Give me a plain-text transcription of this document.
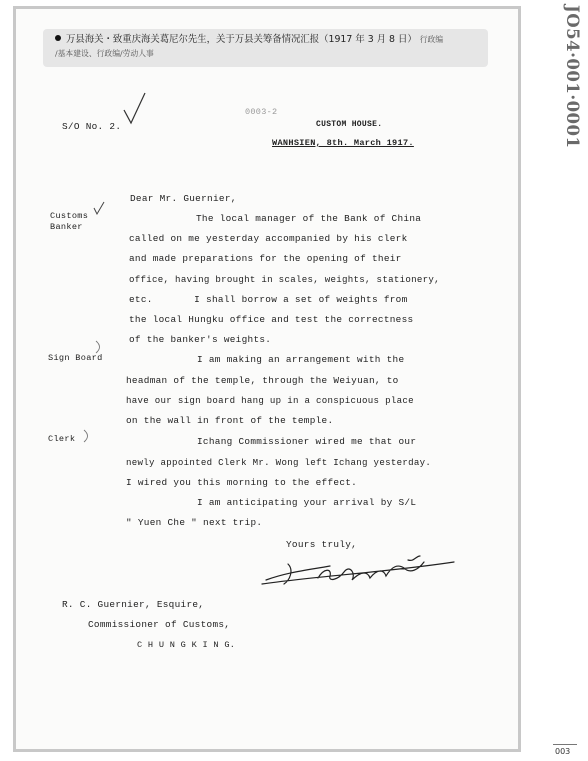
万县海关・致重庆海关葛尼尔先生，关于万县关筹备情况汇报（1917 年 3 月 8 日） 行政编
/基本建设、行政编/劳动人事	JO54·001·0001
003
S/O No. 2.
0003-2
CUSTOM HOUSE.
WANHSIEN, 8th. March 1917.
Dear Mr. Guernier,
Customs
Banker
Sign Board
Clerk
The local manager of the Bank of China
called on me yesterday accompanied by his clerk
and made preparations for the opening of their
office, having brought in scales, weights, stationery,
etc.       I shall borrow a set of weights from
the local Hungku office and test the correctness
of the banker's weights.
I am making an arrangement with the
headman of the temple, through the Weiyuan, to
have our sign board hang up in a conspicuous place
on the wall in front of the temple.
Ichang Commissioner wired me that our
newly appointed Clerk Mr. Wong left Ichang yesterday.
I wired you this morning to the effect.
I am anticipating your arrival by S/L
" Yuen Che " next trip.
Yours truly,
R. C. Guernier, Esquire,
Commissioner of Customs,
C H U N G K I N G.
